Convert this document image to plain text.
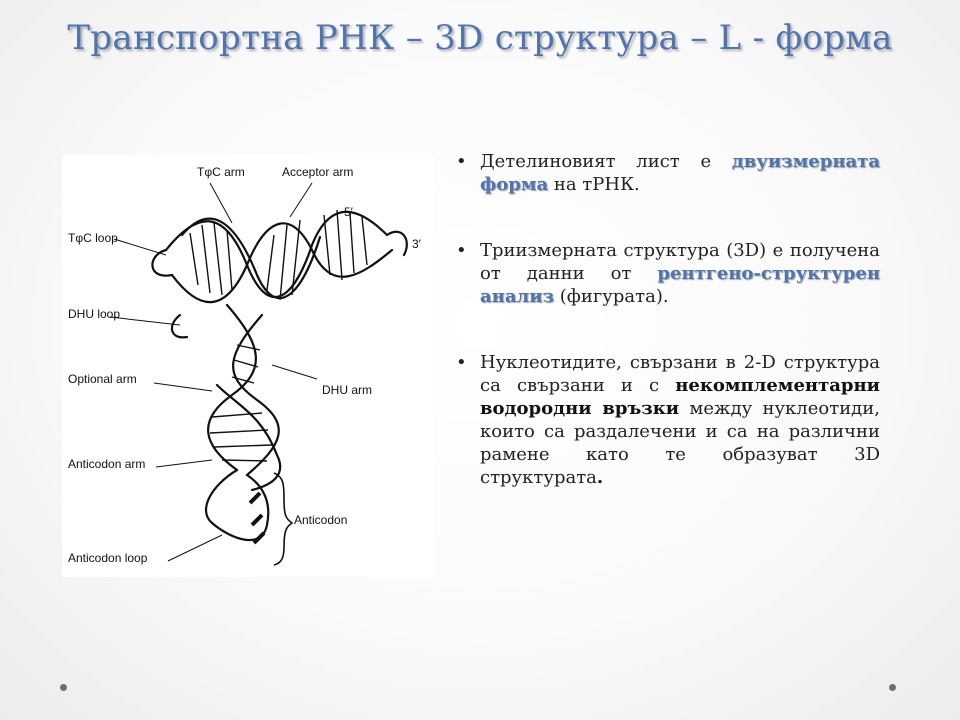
Транспортна РНК – 3D структура – L - форма
TφC arm	Acceptor arm
5′
3′
TφC loop
DHU loop
Optional arm
DHU arm
Anticodon arm
Anticodon
Anticodon loop
• Детелиновият лист е двуизмерната форма на тРНК.
• Триизмерната структура (3D) е получена от данни от рентгено-структурен анализ (фигурата).
• Нуклеотидите, свързани в 2-D структура са свързани и с некомплементарни водородни връзки между нуклеотиди, които са раздалечени и са на различни рамене като те образуват 3D структурата.
